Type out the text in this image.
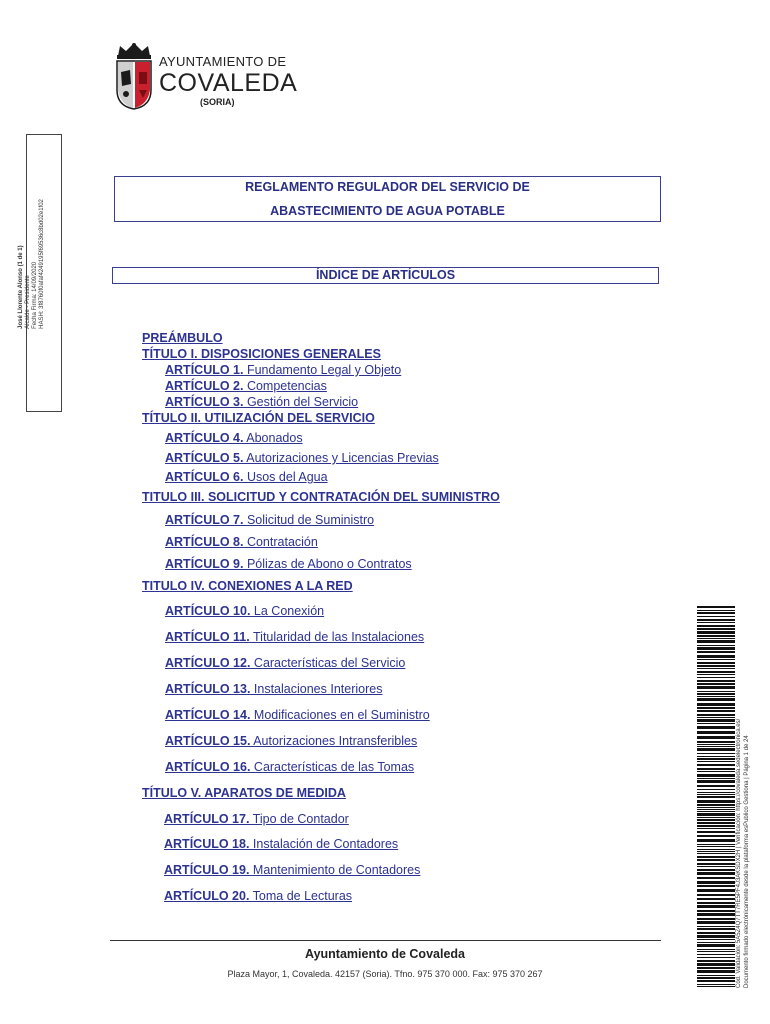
AYUNTAMIENTO DE
COVALEDA
(SORIA)
José Llorente Alonso (1 de 1) Alcalde - Presidente Fecha Firma: 14/09/2020 HASH: 3f8760f0afaf4249195f69536c8bd02e1f02
REGLAMENTO REGULADOR DEL SERVICIO DE
ABASTECIMIENTO DE AGUA POTABLE
ÍNDICE DE ARTÍCULOS
PREÁMBULO
TÍTULO I. DISPOSICIONES GENERALES
ARTÍCULO 1. Fundamento Legal y Objeto
ARTÍCULO 2. Competencias
ARTÍCULO 3. Gestión del Servicio
TÍTULO II. UTILIZACIÓN DEL SERVICIO
ARTÍCULO 4. Abonados
ARTÍCULO 5. Autorizaciones y Licencias Previas
ARTÍCULO 6. Usos del Agua
TITULO III. SOLICITUD Y CONTRATACIÓN DEL SUMINISTRO
ARTÍCULO 7. Solicitud de Suministro
ARTÍCULO 8. Contratación
ARTÍCULO 9. Pólizas de Abono o Contratos
TITULO IV. CONEXIONES A LA RED
ARTÍCULO 10. La Conexión
ARTÍCULO 11. Titularidad de las Instalaciones
ARTÍCULO 12. Características del Servicio
ARTÍCULO 13. Instalaciones Interiores
ARTÍCULO 14. Modificaciones en el Suministro
ARTÍCULO 15. Autorizaciones Intransferibles
ARTÍCULO 16. Características de las Tomas
TÍTULO V. APARATOS DE MEDIDA
ARTÍCULO 17. Tipo de Contador
ARTÍCULO 18. Instalación de Contadores
ARTÍCULO 19. Mantenimiento de Contadores
ARTÍCULO 20. Toma de Lecturas
Ayuntamiento de Covaleda
Plaza Mayor, 1, Covaleda. 42157 (Soria). Tfno. 975 370 000. Fax: 975 370 267	Cód. Validación: 5A5Z4Q7TT7RE5PF4J3AKSDX2H | Verificación: https://covaleda.sedelectronica.es/ Documento firmado electrónicamente desde la plataforma esPublico Gestiona | Página 1 de 24
